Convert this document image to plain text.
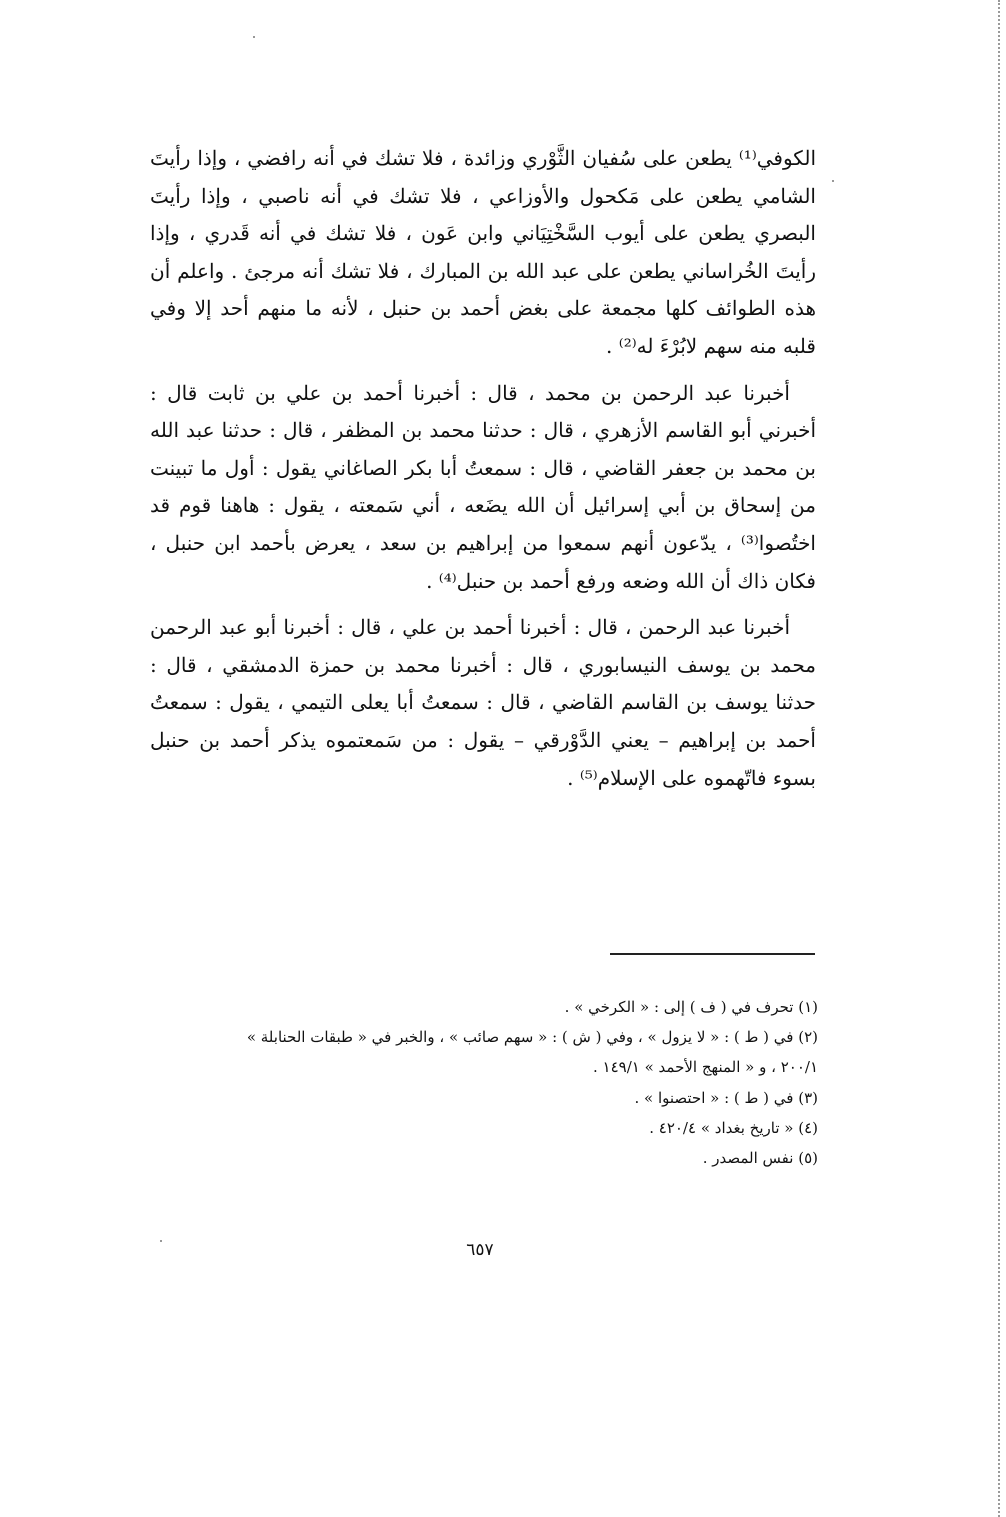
الكوفي⁽¹⁾ يطعن على سُفيان الثَّوْري وزائدة ، فلا تشك في أنه رافضي ، وإذا رأيتَ الشامي يطعن على مَكحول والأوزاعي ، فلا تشك في أنه ناصبي ، وإذا رأيتَ البصري يطعن على أيوب السَّخْتِيَاني وابن عَون ، فلا تشك في أنه قَدري ، وإذا رأيتَ الخُراساني يطعن على عبد الله بن المبارك ، فلا تشك أنه مرجئ . واعلم أن هذه الطوائف كلها مجمعة على بغض أحمد بن حنبل ، لأنه ما منهم أحد إلا وفي قلبه منه سهم لابُرْءَ له⁽²⁾ .

أخبرنا عبد الرحمن بن محمد ، قال : أخبرنا أحمد بن علي بن ثابت قال : أخبرني أبو القاسم الأزهري ، قال : حدثنا محمد بن المظفر ، قال : حدثنا عبد الله بن محمد بن جعفر القاضي ، قال : سمعتُ أبا بكر الصاغاني يقول : أول ما تبينت من إسحاق بن أبي إسرائيل أن الله يضَعه ، أني سَمعته ، يقول : هاهنا قوم قد اختُصوا⁽³⁾ ، يدّعون أنهم سمعوا من إبراهيم بن سعد ، يعرض بأحمد ابن حنبل ، فكان ذاك أن الله وضعه ورفع أحمد بن حنبل⁽⁴⁾ .

أخبرنا عبد الرحمن ، قال : أخبرنا أحمد بن علي ، قال : أخبرنا أبو عبد الرحمن محمد بن يوسف النيسابوري ، قال : أخبرنا محمد بن حمزة الدمشقي ، قال : حدثنا يوسف بن القاسم القاضي ، قال : سمعتُ أبا يعلى التيمي ، يقول : سمعتُ أحمد بن إبراهيم – يعني الدَّوْرقي – يقول : من سَمعتموه يذكر أحمد بن حنبل بسوء فاتّهموه على الإسلام⁽⁵⁾ .

(١) تحرف في ( ف ) إلى : « الكرخي » .
(٢) في ( ط ) : « لا يزول » ، وفي ( ش ) : « سهم صائب » ، والخبر في « طبقات الحنابلة »
٢٠٠/١ ، و « المنهج الأحمد » ١٤٩/١ .
(٣) في ( ط ) : « احتصنوا » .
(٤) « تاريخ بغداد » ٤٢٠/٤ .
(٥) نفس المصدر .
٦٥٧
